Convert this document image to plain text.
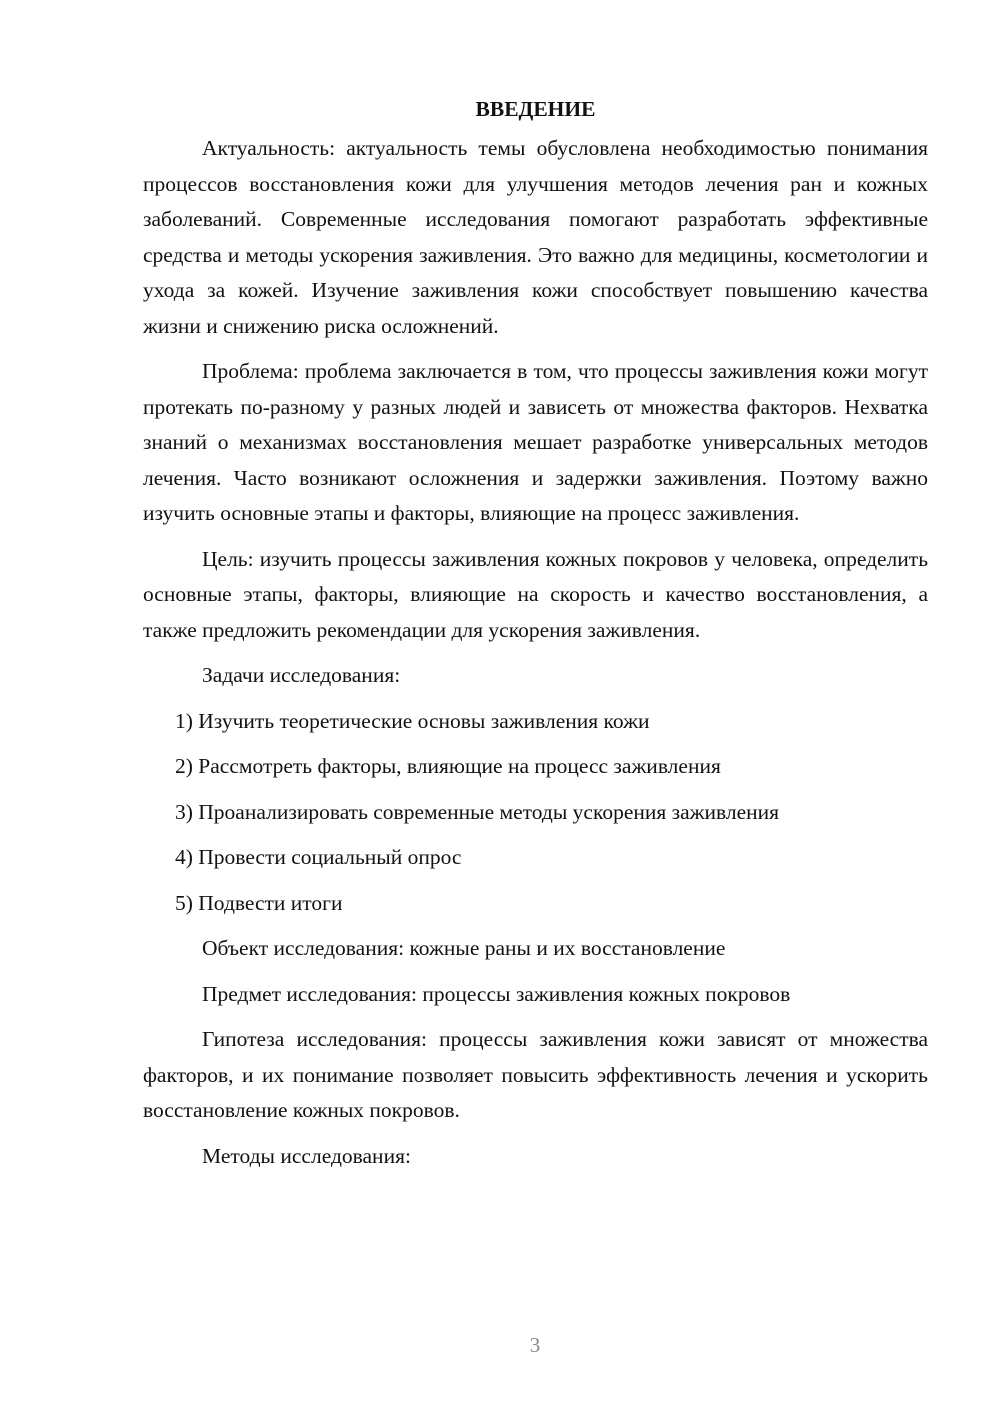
ВВЕДЕНИЕ

Актуальность: актуальность темы обусловлена необходимостью понимания процессов восстановления кожи для улучшения методов лечения ран и кожных заболеваний. Современные исследования помогают разработать эффективные средства и методы ускорения заживления. Это важно для медицины, косметологии и ухода за кожей. Изучение заживления кожи способствует повышению качества жизни и снижению риска осложнений.

Проблема: проблема заключается в том, что процессы заживления кожи могут протекать по-разному у разных людей и зависеть от множества факторов. Нехватка знаний о механизмах восстановления мешает разработке универсальных методов лечения. Часто возникают осложнения и задержки заживления. Поэтому важно изучить основные этапы и факторы, влияющие на процесс заживления.

Цель: изучить процессы заживления кожных покровов у человека, определить основные этапы, факторы, влияющие на скорость и качество восстановления, а также предложить рекомендации для ускорения заживления.

Задачи исследования:

1) Изучить теоретические основы заживления кожи

2) Рассмотреть факторы, влияющие на процесс заживления

3) Проанализировать современные методы ускорения заживления

4) Провести социальный опрос

5) Подвести итоги

Объект исследования: кожные раны и их восстановление

Предмет исследования: процессы заживления кожных покровов

Гипотеза исследования: процессы заживления кожи зависят от множества факторов, и их понимание позволяет повысить эффективность лечения и ускорить восстановление кожных покровов.

Методы исследования:

3
